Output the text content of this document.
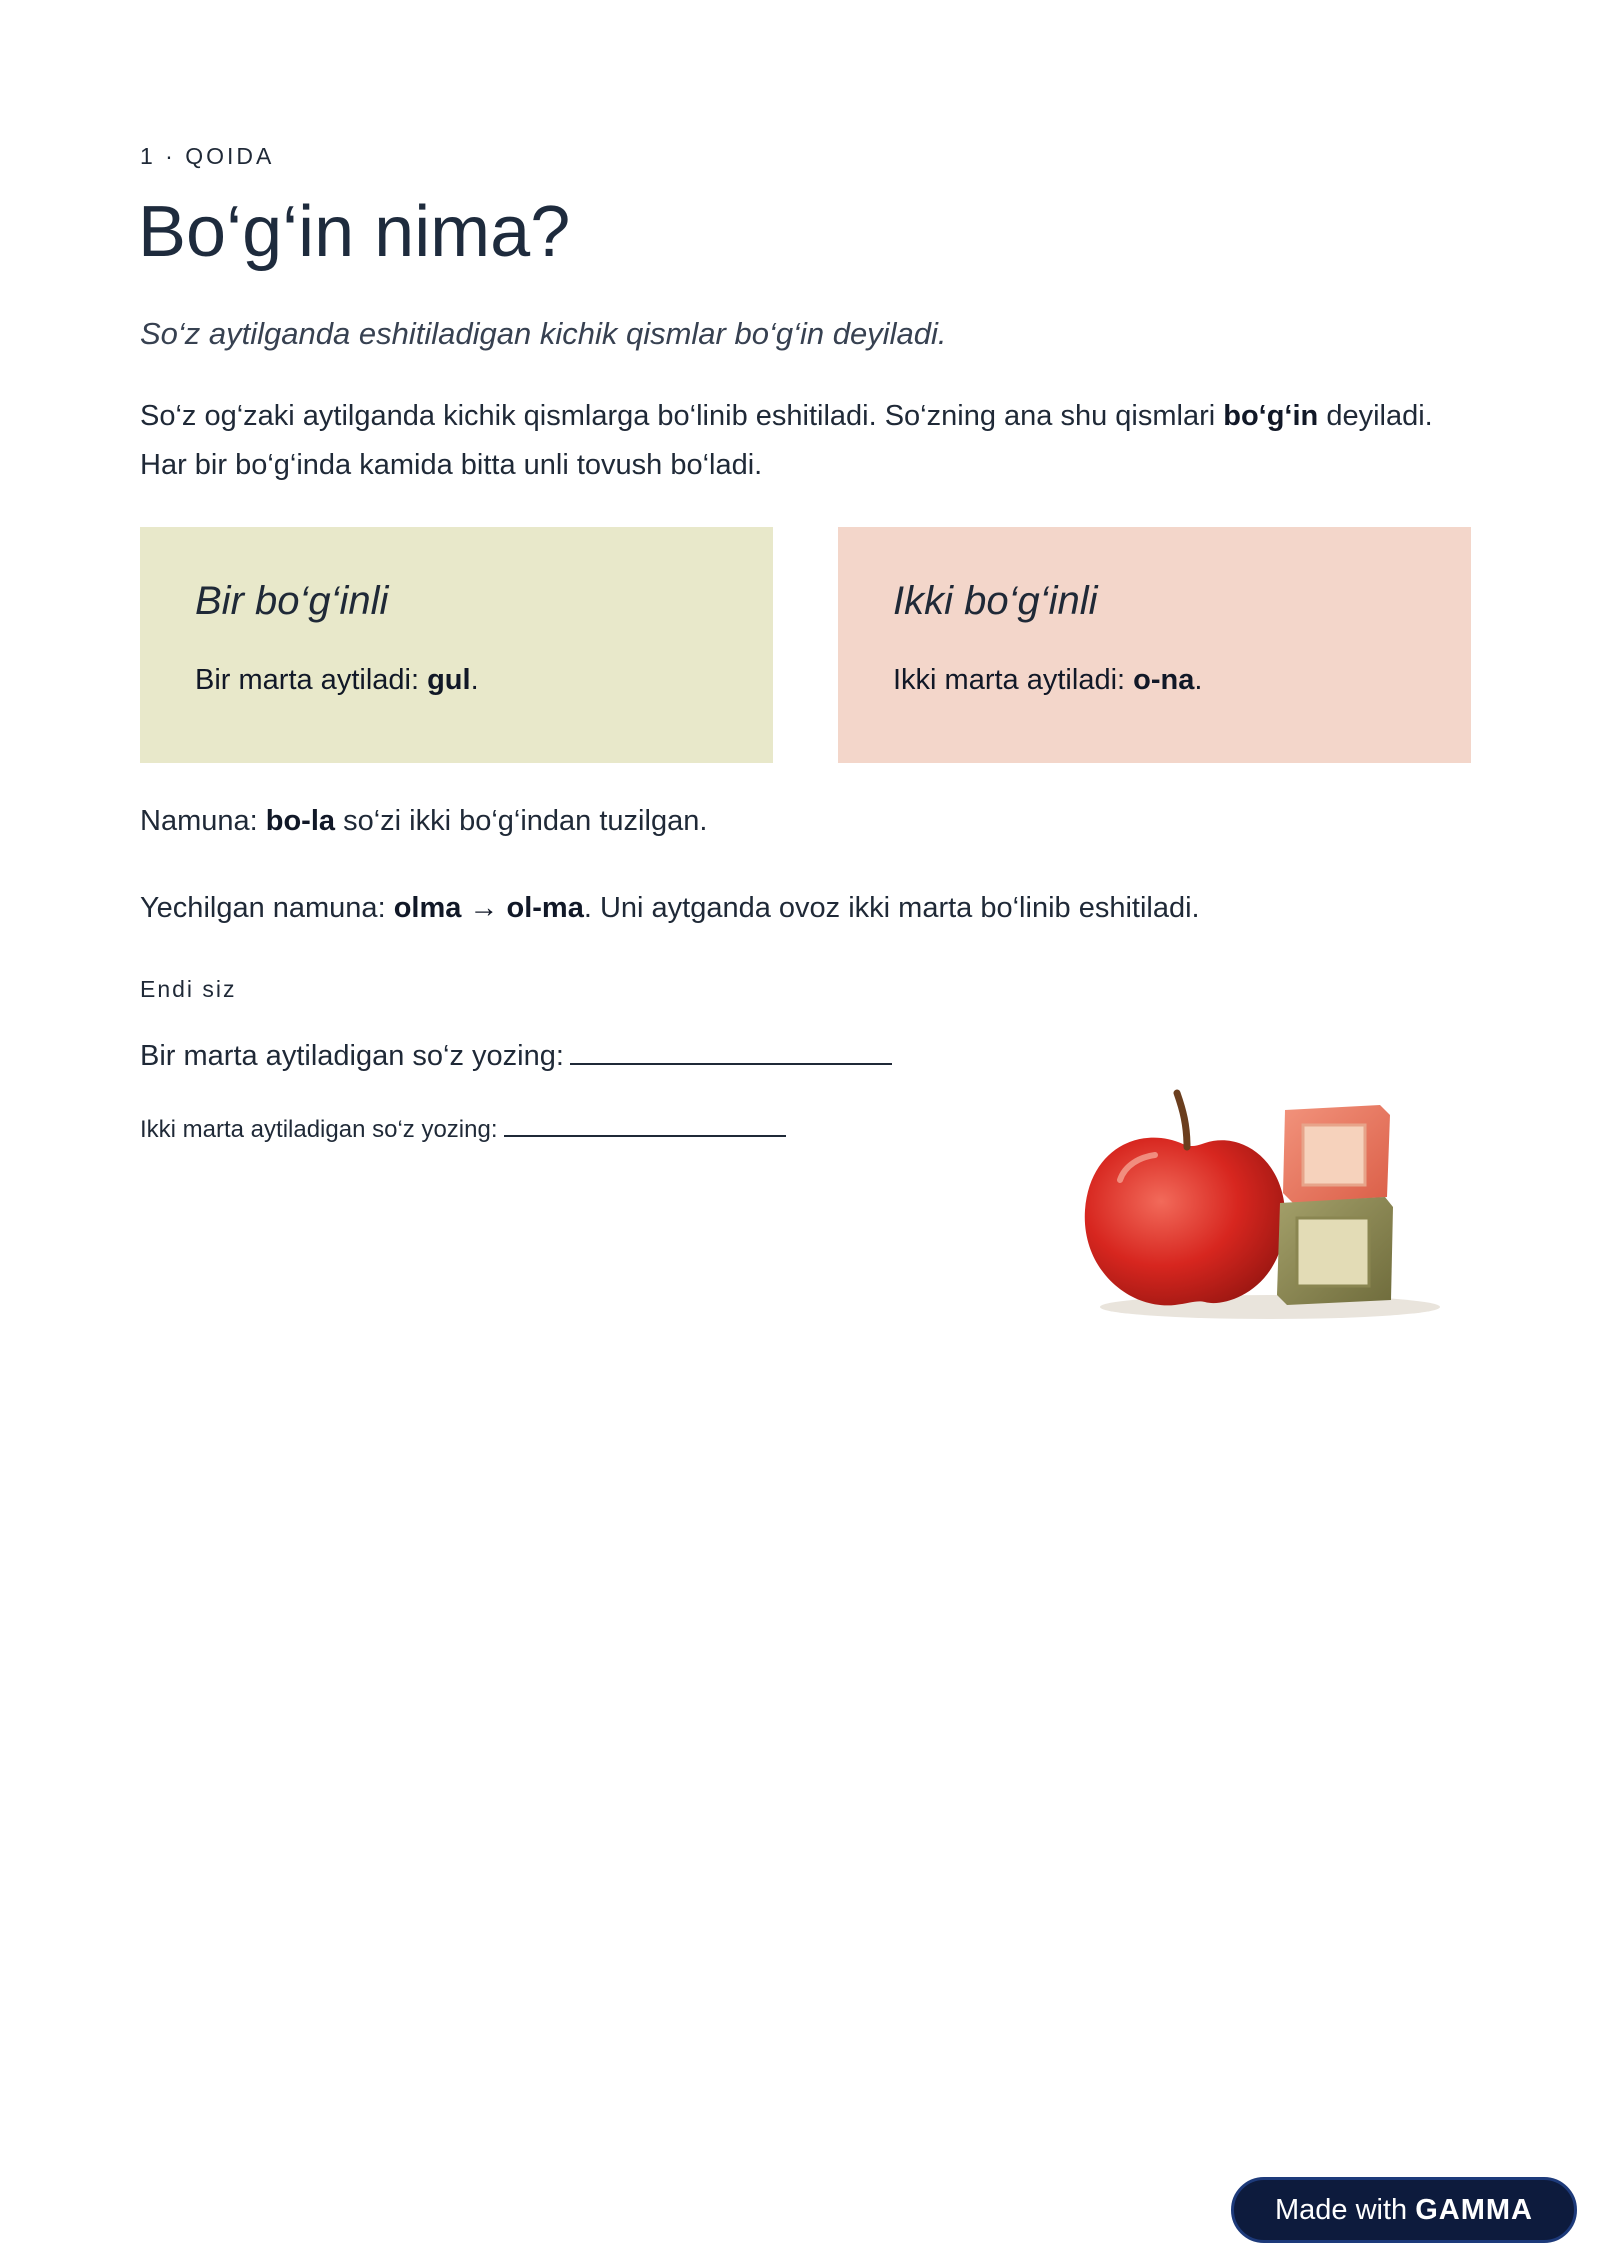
1 · QOIDA
Bo‘g‘in nima?

So‘z aytilganda eshitiladigan kichik qismlar bo‘g‘in deyiladi.

So‘z og‘zaki aytilganda kichik qismlarga bo‘linib eshitiladi. So‘zning ana shu qismlari bo‘g‘in deyiladi. Har bir bo‘g‘inda kamida bitta unli tovush bo‘ladi.

Bir bo‘g‘inli

Bir marta aytiladi: gul.

Ikki bo‘g‘inli

Ikki marta aytiladi: o-na.

Namuna: bo-la so‘zi ikki bo‘g‘indan tuzilgan.

Yechilgan namuna: olma → ol-ma. Uni aytganda ovoz ikki marta bo‘linib eshitiladi.

Endi siz
Bir marta aytiladigan so‘z yozing:
Ikki marta aytiladigan so‘z yozing:
Made with GAMMA
